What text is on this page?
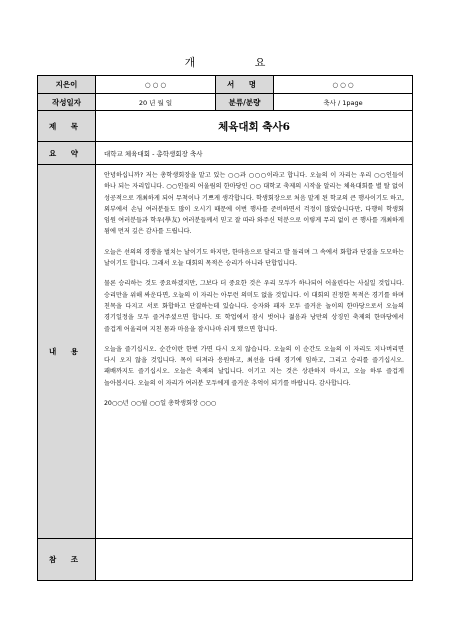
개 요
지은이	○ ○ ○	서 명	○ ○ ○
작성일자	20 년 월 일	분류/분량	축사 / 1page
제 목	체육대회 축사6		
요 약	대학교 체육대회 - 총학생회장 축사		
내 용	안녕하십니까? 저는 총학생회장을 맡고 있는 ○○과 ○○○이라고 합니다. 오늘의 이 자리는 우리 ○○인들이 하나 되는 자리입니다. ○○인들의 어울림의 한마당인 ○○ 대학교 축제의 시작을 알리는 체육대회를 별 탈 없이 성공적으로 개최하게 되어 무척이나 기쁘게 생각합니다. 학생회장으로 처음 맡게 된 학교의 큰 행사이기도 하고, 외부에서 손님 여러분들도 많이 오시기 때문에 이번 행사를 준비하면서 걱정이 많았습니다만, 다행히 학생회 임원 여러분들과 학우(學友) 여러분들께서 믿고 잘 따라 와주신 덕분으로 이렇게 무리 없이 큰 행사를 개최하게 됨에 먼저 깊은 감사를 드립니다.

오늘은 선의의 경쟁을 벌치는 날이기도 하지만, 한마음으로 달리고 발 돌리며 그 속에서 화합과 단결을 도모하는 날이기도 합니다. 그래서 오늘 대회의 목적은 승리가 아니라 단합입니다.

물론 승리하는 것도 중요하겠지만, 그보다 더 중요한 것은 우리 모두가 하나되어 어울린다는 사실일 것입니다. 승리만을 위해 싸운다면, 오늘의 이 자리는 아무런 의미도 없을 것입니다. 이 대회의 진정한 목적은 경기를 하며 친목을 다지고 서로 화합하고 단결하는데 있습니다. 승자와 패자 모두 즐거운 놀이의 한마당으로서 오늘의 경기일정을 모두 즐겨주셨으면 합니다. 또 학업에서 잠시 벗어나 젊음과 낭만의 상징인 축제의 한마당에서 즐겁게 어울리며 지친 몸과 마음을 잠시나마 쉬게 했으면 합니다.

오늘을 즐기십시오. 순간이란 한번 가면 다시 오지 않습니다. 오늘의 이 순간도 오늘의 이 자리도 지나버리면 다시 오지 않을 것입니다. 목이 터져라 응원하고, 최선을 다해 경기에 임하고, 그리고 승리를 즐기십시오. 패배까지도 즐기십시오. 오늘은 축제의 날입니다. 이기고 지는 것은 상관하지 마시고, 오늘 하루 즐겁게 놀아봅시다. 오늘의 이 자리가 여러분 모두에게 즐거운 추억이 되기를 바랍니다. 감사합니다.

20○○년 ○○월 ○○일 총학생회장 ○○○		

참 조			
